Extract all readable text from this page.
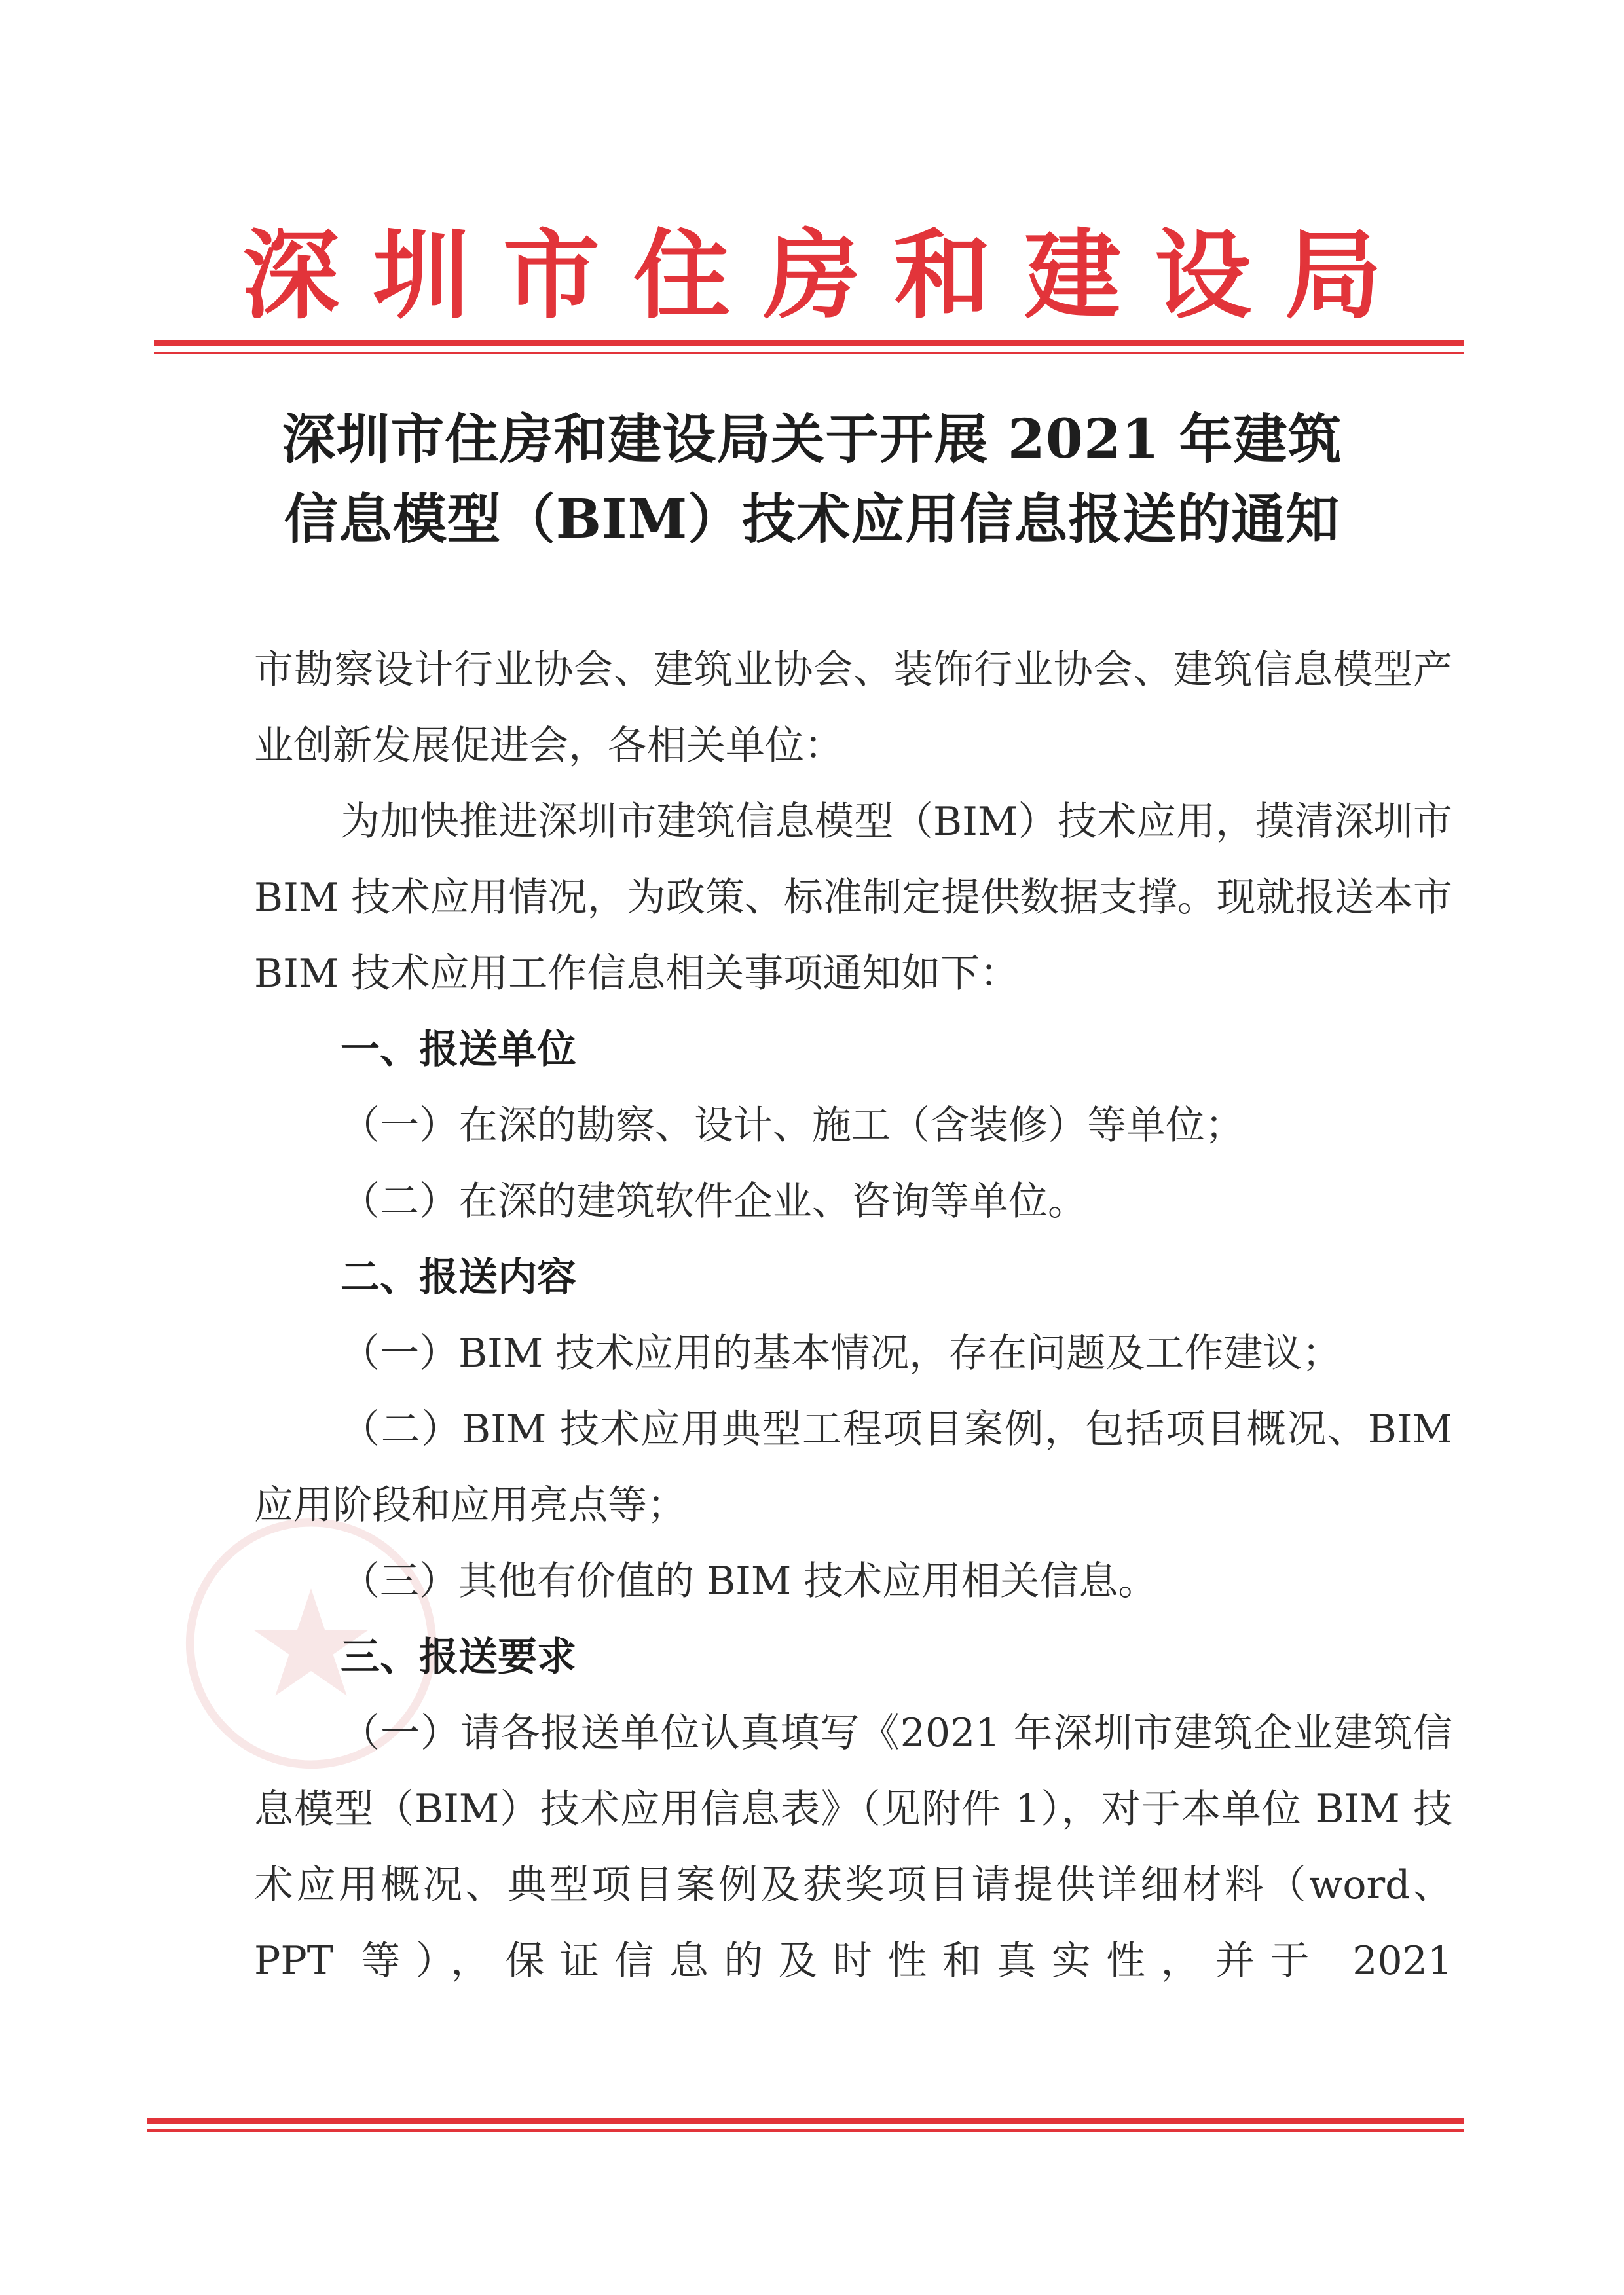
深 圳 市 住 房 和 建 设 局
深圳市住房和建设局关于开展 2021 年建筑
信息模型（BIM）技术应用信息报送的通知

市勘察设计行业协会、建筑业协会、装饰行业协会、建筑信息模型产业创新发展促进会，各相关单位：

为加快推进深圳市建筑信息模型（BIM）技术应用，摸清深圳市 BIM 技术应用情况，为政策、标准制定提供数据支撑。现就报送本市 BIM 技术应用工作信息相关事项通知如下：

一、报送单位

（一）在深的勘察、设计、施工（含装修）等单位；

（二）在深的建筑软件企业、咨询等单位。

二、报送内容

（一）BIM 技术应用的基本情况，存在问题及工作建议；

（二）BIM 技术应用典型工程项目案例，包括项目概况、BIM 应用阶段和应用亮点等；

（三）其他有价值的 BIM 技术应用相关信息。

三、报送要求

（一）请各报送单位认真填写《2021 年深圳市建筑企业建筑信息模型（BIM）技术应用信息表》（见附件 1），对于本单位 BIM 技术应用概况、典型项目案例及获奖项目请提供详细材料（word、PPT 等），保证信息的及时性和真实性，并于 2021
